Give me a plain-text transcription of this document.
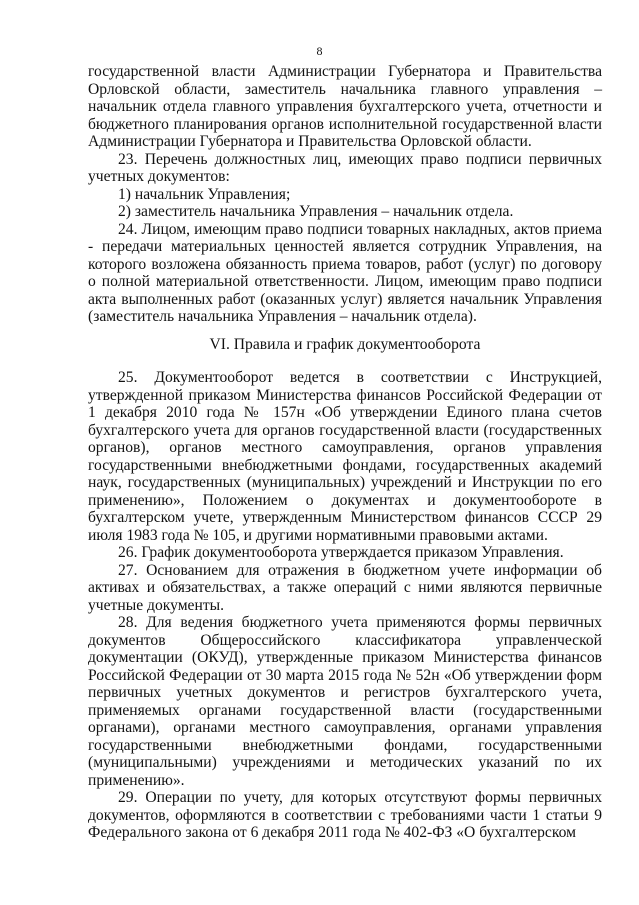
8

государственной власти Администрации Губернатора и Правительства Орловской области, заместитель начальника главного управления – начальник отдела главного управления бухгалтерского учета, отчетности и бюджетного планирования органов исполнительной государственной власти Администрации Губернатора и Правительства Орловской области.

23. Перечень должностных лиц, имеющих право подписи первичных учетных документов:

1) начальник Управления;

2) заместитель начальника Управления – начальник отдела.

24. Лицом, имеющим право подписи товарных накладных, актов приема - передачи материальных ценностей является сотрудник Управления, на которого возложена обязанность приема товаров, работ (услуг) по договору о полной материальной ответственности. Лицом, имеющим право подписи акта выполненных работ (оказанных услуг) является начальник Управления (заместитель начальника Управления – начальник отдела).

VI. Правила и график документооборота

25. Документооборот ведется в соответствии с Инструкцией, утвержденной приказом Министерства финансов Российской Федерации от 1 декабря 2010 года № 157н «Об утверждении Единого плана счетов бухгалтерского учета для органов государственной власти (государственных органов), органов местного самоуправления, органов управления государственными внебюджетными фондами, государственных академий наук, государственных (муниципальных) учреждений и Инструкции по его применению», Положением о документах и документообороте в бухгалтерском учете, утвержденным Министерством финансов СССР 29 июля 1983 года № 105, и другими нормативными правовыми актами.

26. График документооборота утверждается приказом Управления.

27. Основанием для отражения в бюджетном учете информации об активах и обязательствах, а также операций с ними являются первичные учетные документы.

28. Для ведения бюджетного учета применяются формы первичных документов Общероссийского классификатора управленческой документации (ОКУД), утвержденные приказом Министерства финансов Российской Федерации от 30 марта 2015 года № 52н «Об утверждении форм первичных учетных документов и регистров бухгалтерского учета, применяемых органами государственной власти (государственными органами), органами местного самоуправления, органами управления государственными внебюджетными фондами, государственными (муниципальными) учреждениями и методических указаний по их применению».

29. Операции по учету, для которых отсутствуют формы первичных документов, оформляются в соответствии с требованиями части 1 статьи 9 Федерального закона от 6 декабря 2011 года № 402-ФЗ «О бухгалтерском
